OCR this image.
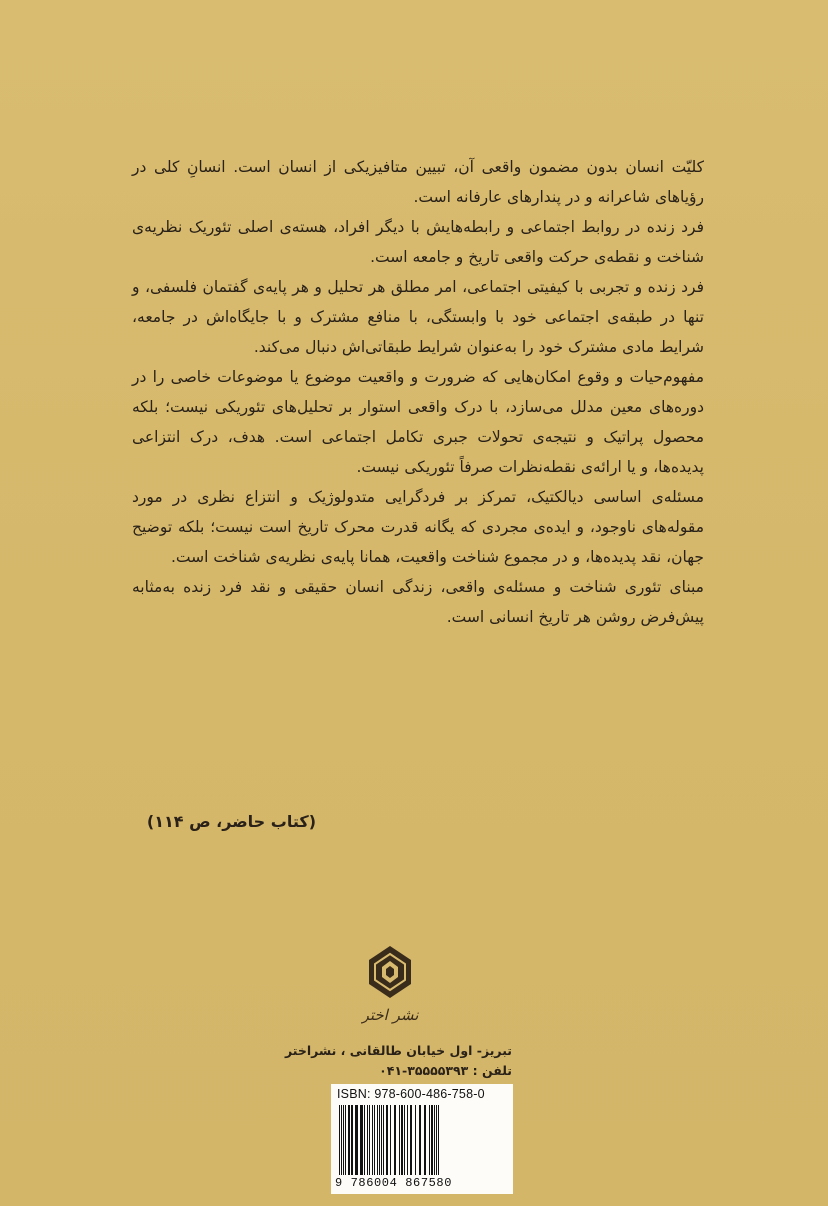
کلیّت انسان بدون مضمون واقعی آن، تبیین متافیزیکی از انسان است. انسانِ کلی در رؤیاهای شاعرانه و در پندارهای عارفانه است.

فرد زنده در روابط اجتماعی و رابطه‌هایش با دیگر افراد، هسته‌ی اصلی تئوریک نظریه‌ی شناخت و نقطه‌ی حرکت واقعی تاریخ و جامعه است.

فرد زنده و تجربی با کیفیتی اجتماعی، امر مطلق هر تحلیل و هر پایه‌ی گفتمان فلسفی، و تنها در طبقه‌ی اجتماعی خود با وابستگی، با منافع مشترک و با جایگاه‌اش در جامعه، شرایط مادی مشترک خود را به‌عنوان شرایط طبقاتی‌اش دنبال می‌کند.

مفهوم‌حیات و وقوع امکان‌هایی که ضرورت و واقعیت موضوع یا موضوعات خاصی را در دوره‌های معین مدلل می‌سازد، با درک واقعی استوار بر تحلیل‌های تئوریکی نیست؛ بلکه محصول پراتیک و نتیجه‌ی تحولات جبری تکامل اجتماعی است. هدف، درک انتزاعی پدیده‌ها، و یا ارائه‌ی نقطه‌نظرات صرفاً تئوریکی نیست.

مسئله‌ی اساسی دیالکتیک، تمرکز بر فردگرایی متدولوژیک و انتزاع نظری در مورد مقوله‌های ناوجود، و ایده‌ی مجردی که یگانه قدرت محرک تاریخ است نیست؛ بلکه توضیح جهان، نقد پدیده‌ها، و در مجموع شناخت واقعیت، همانا پایه‌ی نظریه‌ی شناخت است.

مبنای تئوری شناخت و مسئله‌ی واقعی، زندگی انسان حقیقی و نقد فرد زنده به‌مثابه پیش‌فرض روشن هر تاریخ انسانی است.

(کتاب حاضر، ص ۱۱۴)
نشر اختر
تبریز- اول خیابان طالقانی ، نشراختر
تلفن : ۳۵۵۵۵۳۹۳-۰۴۱
ISBN: 978-600-486-758-0
9 786004 867580
